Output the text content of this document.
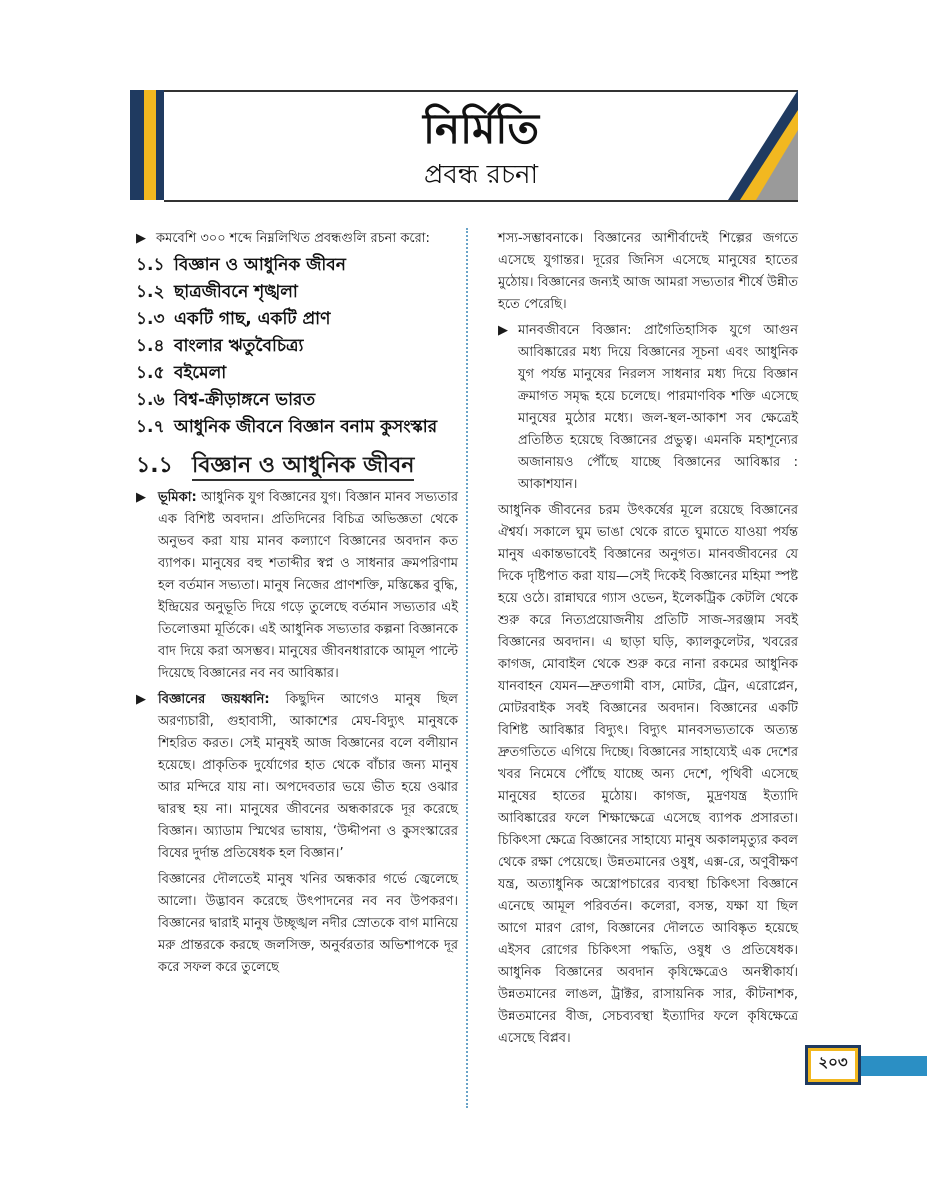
নির্মিতি
প্রবন্ধ রচনা
▶ কমবেশি ৩০০ শব্দে নিম্নলিখিত প্রবন্ধগুলি রচনা করো:
১.১ বিজ্ঞান ও আধুনিক জীবন
১.২ ছাত্রজীবনে শৃঙ্খলা
১.৩ একটি গাছ, একটি প্রাণ
১.৪ বাংলার ঋতুবৈচিত্র্য
১.৫ বইমেলা
১.৬ বিশ্ব-ক্রীড়াঙ্গনে ভারত
১.৭ আধুনিক জীবনে বিজ্ঞান বনাম কুসংস্কার
১.১ বিজ্ঞান ও আধুনিক জীবন
▶ ভূমিকা: আধুনিক যুগ বিজ্ঞানের যুগ। বিজ্ঞান মানব সভ্যতার এক বিশিষ্ট অবদান। প্রতিদিনের বিচিত্র অভিজ্ঞতা থেকে অনুভব করা যায় মানব কল্যাণে বিজ্ঞানের অবদান কত ব্যাপক। মানুষের বহু শতাব্দীর স্বপ্ন ও সাধনার ক্রমপরিণাম হল বর্তমান সভ্যতা। মানুষ নিজের প্রাণশক্তি, মস্তিষ্কের বুদ্ধি, ইন্দ্রিয়ের অনুভূতি দিয়ে গড়ে তুলেছে বর্তমান সভ্যতার এই তিলোত্তমা মূর্তিকে। এই আধুনিক সভ্যতার কল্পনা বিজ্ঞানকে বাদ দিয়ে করা অসম্ভব। মানুষের জীবনধারাকে আমূল পাল্টে দিয়েছে বিজ্ঞানের নব নব আবিষ্কার।
▶ বিজ্ঞানের জয়ধ্বনি: কিছুদিন আগেও মানুষ ছিল অরণ্যচারী, গুহাবাসী, আকাশের মেঘ-বিদ্যুৎ মানুষকে শিহরিত করত। সেই মানুষই আজ বিজ্ঞানের বলে বলীয়ান হয়েছে। প্রাকৃতিক দুর্যোগের হাত থেকে বাঁচার জন্য মানুষ আর মন্দিরে যায় না। অপদেবতার ভয়ে ভীত হয়ে ওঝার দ্বারস্থ হয় না। মানুষের জীবনের অন্ধকারকে দূর করেছে বিজ্ঞান। অ্যাডাম স্মিথের ভাষায়, ‘উদ্দীপনা ও কুসংস্কারের বিষের দুর্দান্ত প্রতিষেধক হল বিজ্ঞান।’
বিজ্ঞানের দৌলতেই মানুষ খনির অন্ধকার গর্ভে জ্বেলেছে আলো। উদ্ভাবন করেছে উৎপাদনের নব নব উপকরণ। বিজ্ঞানের দ্বারাই মানুষ উচ্ছৃঙ্খল নদীর স্রোতকে বাগ মানিয়ে মরু প্রান্তরকে করছে জলসিক্ত, অনুর্বরতার অভিশাপকে দূর করে সফল করে তুলেছে
শস্য-সম্ভাবনাকে। বিজ্ঞানের আশীর্বাদেই শিল্পের জগতে এসেছে যুগান্তর। দূরের জিনিস এসেছে মানুষের হাতের মুঠোয়। বিজ্ঞানের জন্যই আজ আমরা সভ্যতার শীর্ষে উন্নীত হতে পেরেছি।
▶ মানবজীবনে বিজ্ঞান: প্রাগৈতিহাসিক যুগে আগুন আবিষ্কারের মধ্য দিয়ে বিজ্ঞানের সূচনা এবং আধুনিক যুগ পর্যন্ত মানুষের নিরলস সাধনার মধ্য দিয়ে বিজ্ঞান ক্রমাগত সমৃদ্ধ হয়ে চলেছে। পারমাণবিক শক্তি এসেছে মানুষের মুঠোর মধ্যে। জল-স্থল-আকাশ সব ক্ষেত্রেই প্রতিষ্ঠিত হয়েছে বিজ্ঞানের প্রভুত্ব। এমনকি মহাশূন্যের অজানায়ও পৌঁছে যাচ্ছে বিজ্ঞানের আবিষ্কার : আকাশযান।
আধুনিক জীবনের চরম উৎকর্ষের মূলে রয়েছে বিজ্ঞানের ঐশ্বর্য। সকালে ঘুম ভাঙা থেকে রাতে ঘুমাতে যাওয়া পর্যন্ত মানুষ একান্তভাবেই বিজ্ঞানের অনুগত। মানবজীবনের যে দিকে দৃষ্টিপাত করা যায়—সেই দিকেই বিজ্ঞানের মহিমা স্পষ্ট হয়ে ওঠে। রান্নাঘরে গ্যাস ওভেন, ইলেকট্রিক কেটলি থেকে শুরু করে নিত্যপ্রয়োজনীয় প্রতিটি সাজ-সরঞ্জাম সবই বিজ্ঞানের অবদান। এ ছাড়া ঘড়ি, ক্যালকুলেটর, খবরের কাগজ, মোবাইল থেকে শুরু করে নানা রকমের আধুনিক যানবাহন যেমন—দ্রুতগামী বাস, মোটর, ট্রেন, এরোপ্লেন, মোটরবাইক সবই বিজ্ঞানের অবদান। বিজ্ঞানের একটি বিশিষ্ট আবিষ্কার বিদ্যুৎ। বিদ্যুৎ মানবসভ্যতাকে অত্যন্ত দ্রুতগতিতে এগিয়ে দিচ্ছে। বিজ্ঞানের সাহায্যেই এক দেশের খবর নিমেষে পৌঁছে যাচ্ছে অন্য দেশে, পৃথিবী এসেছে মানুষের হাতের মুঠোয়। কাগজ, মুদ্রণযন্ত্র ইত্যাদি আবিষ্কারের ফলে শিক্ষাক্ষেত্রে এসেছে ব্যাপক প্রসারতা। চিকিৎসা ক্ষেত্রে বিজ্ঞানের সাহায্যে মানুষ অকালমৃত্যুর কবল থেকে রক্ষা পেয়েছে। উন্নতমানের ওষুধ, এক্স-রে, অণুবীক্ষণ যন্ত্র, অত্যাধুনিক অস্ত্রোপচারের ব্যবস্থা চিকিৎসা বিজ্ঞানে এনেছে আমূল পরিবর্তন। কলেরা, বসন্ত, যক্ষা যা ছিল আগে মারণ রোগ, বিজ্ঞানের দৌলতে আবিষ্কৃত হয়েছে এইসব রোগের চিকিৎসা পদ্ধতি, ওষুধ ও প্রতিষেধক। আধুনিক বিজ্ঞানের অবদান কৃষিক্ষেত্রেও অনস্বীকার্য। উন্নতমানের লাঙল, ট্রাক্টর, রাসায়নিক সার, কীটনাশক, উন্নতমানের বীজ, সেচব্যবস্থা ইত্যাদির ফলে কৃষিক্ষেত্রে এসেছে বিপ্লব।
২০৩
